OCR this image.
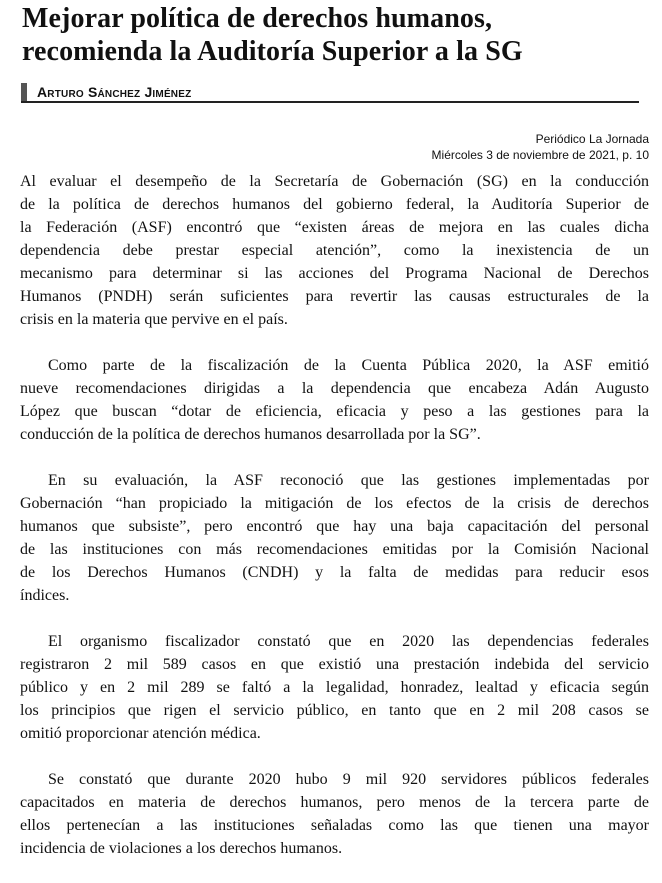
Mejorar política de derechos humanos,
recomienda la Auditoría Superior a la SG
Arturo Sánchez Jiménez
Periódico La Jornada
Miércoles 3 de noviembre de 2021, p. 10

Al evaluar el desempeño de la Secretaría de Gobernación (SG) en la conducción
de la política de derechos humanos del gobierno federal, la Auditoría Superior de
la Federación (ASF) encontró que “existen áreas de mejora en las cuales dicha
dependencia debe prestar especial atención”, como la inexistencia de un
mecanismo para determinar si las acciones del Programa Nacional de Derechos
Humanos (PNDH) serán suficientes para revertir las causas estructurales de la
crisis en la materia que pervive en el país.

Como parte de la fiscalización de la Cuenta Pública 2020, la ASF emitió
nueve recomendaciones dirigidas a la dependencia que encabeza Adán Augusto
López que buscan “dotar de eficiencia, eficacia y peso a las gestiones para la
conducción de la política de derechos humanos desarrollada por la SG”.

En su evaluación, la ASF reconoció que las gestiones implementadas por
Gobernación “han propiciado la mitigación de los efectos de la crisis de derechos
humanos que subsiste”, pero encontró que hay una baja capacitación del personal
de las instituciones con más recomendaciones emitidas por la Comisión Nacional
de los Derechos Humanos (CNDH) y la falta de medidas para reducir esos
índices.

El organismo fiscalizador constató que en 2020 las dependencias federales
registraron 2 mil 589 casos en que existió una prestación indebida del servicio
público y en 2 mil 289 se faltó a la legalidad, honradez, lealtad y eficacia según
los principios que rigen el servicio público, en tanto que en 2 mil 208 casos se
omitió proporcionar atención médica.

Se constató que durante 2020 hubo 9 mil 920 servidores públicos federales
capacitados en materia de derechos humanos, pero menos de la tercera parte de
ellos pertenecían a las instituciones señaladas como las que tienen una mayor
incidencia de violaciones a los derechos humanos.
